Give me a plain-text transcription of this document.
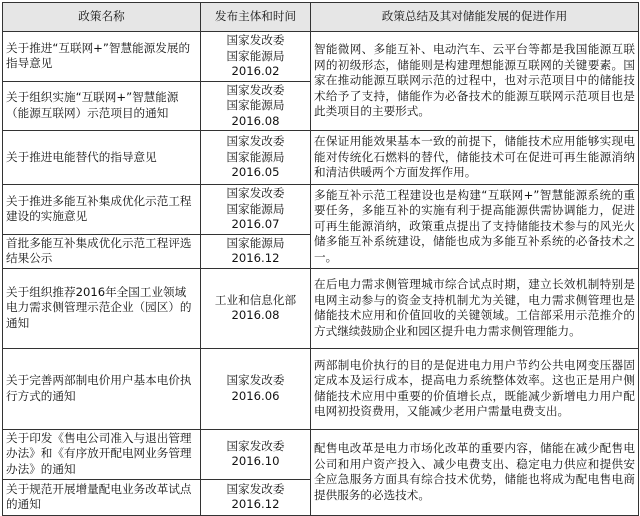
政策名称	发布主体和时间	政策总结及其对储能发展的促进作用
关于推进“互联网+”智慧能源发展的指导意见	国家发改委
国家能源局
2016.02	智能微网、多能互补、电动汽车、云平台等都是我国能源互联网的初级形态，储能则是构建理想能源互联网的关键要素。国家在推动能源互联网示范的过程中，也对示范项目中的储能技术给予了支持，储能作为必备技术的能源互联网示范项目也是此类项目的主要形式。
关于组织实施“互联网+”智慧能源（能源互联网）示范项目的通知	国家发改委
国家能源局
2016.08	

关于推进电能替代的指导意见	国家发改委
国家能源局
2016.05	在保证用能效果基本一致的前提下，储能技术应用能够实现电能对传统化石燃料的替代，储能技术可在促进可再生能源消纳和清洁供暖两个方面发挥作用。
关于推进多能互补集成优化示范工程建设的实施意见	国家发改委
国家能源局
2016.07	多能互补示范工程建设也是构建“互联网+”智慧能源系统的重要任务，多能互补的实施有利于提高能源供需协调能力，促进可再生能源消纳，政策重点提出了支持储能技术参与的风光火储多能互补系统建设，储能也成为多能互补系统的必备技术之一。
首批多能互补集成优化示范工程评选结果公示	国家能源局
2016.12	

关于组织推荐2016年全国工业领域电力需求侧管理示范企业（园区）的通知	工业和信息化部
2016.08	在后电力需求侧管理城市综合试点时期，建立长效机制特别是电网主动参与的资金支持机制尤为关键，电力需求侧管理也是储能技术应用和价值回收的关键领域。工信部采用示范推介的方式继续鼓励企业和园区提升电力需求侧管理能力。
关于完善两部制电价用户基本电价执行方式的通知	国家发改委
2016.06	两部制电价执行的目的是促进电力用户节约公共电网变压器固定成本及运行成本，提高电力系统整体效率。这也正是用户侧储能技术应用中重要的价值增长点，既能减少新增电力用户配电网初投资费用，又能减少老用户需量电费支出。
关于印发《售电公司准入与退出管理办法》和《有序放开配电网业务管理办法》的通知	国家发改委
2016.10	配售电改革是电力市场化改革的重要内容，储能在减少配售电公司和用户资产投入、减少电费支出、稳定电力供应和提供安全应急服务方面具有综合技术优势，储能也将成为配电售电商提供服务的必选技术。
关于规范开展增量配电业务改革试点的通知	国家发改委
2016.12	
